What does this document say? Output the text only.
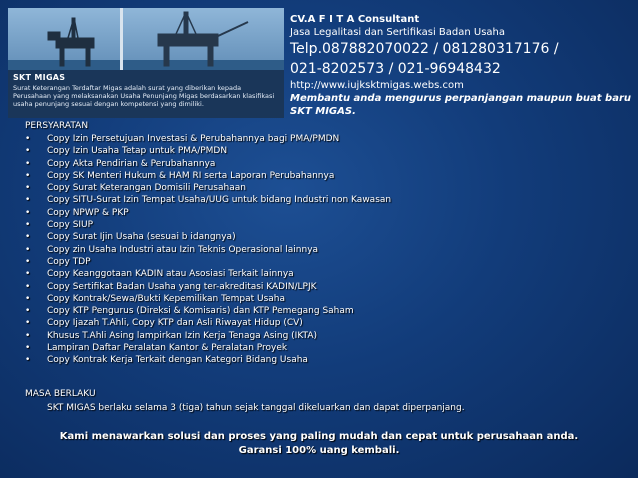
SKT MIGAS
Surat Keterangan Terdaftar Migas adalah surat yang diberikan kepada Perusahaan yang melaksanakan Usaha Penunjang Migas berdasarkan klasifikasi usaha penunjang sesuai dengan kompetensi yang dimiliki.
CV.A F I T A Consultant
Jasa Legalitasi dan Sertifikasi Badan Usaha
Telp.087882070022 / 081280317176 /
021-8202573 / 021-96948432
http://www.iujksktmigas.webs.com
Membantu anda mengurus perpanjangan maupun buat baru SKT MIGAS.
PERSYARATAN
• Copy Izin Persetujuan Investasi & Perubahannya bagi PMA/PMDN
• Copy Izin Usaha Tetap untuk PMA/PMDN
• Copy Akta Pendirian & Perubahannya
• Copy SK Menteri Hukum & HAM RI serta Laporan Perubahannya
• Copy Surat Keterangan Domisili Perusahaan
• Copy SITU-Surat Izin Tempat Usaha/UUG untuk bidang Industri non Kawasan
• Copy NPWP & PKP
• Copy SIUP
• Copy Surat Ijin Usaha (sesuai b idangnya)
• Copy zin Usaha Industri atau Izin Teknis Operasional lainnya
• Copy TDP
• Copy Keanggotaan KADIN atau Asosiasi Terkait lainnya
• Copy Sertifikat Badan Usaha yang ter-akreditasi KADIN/LPJK
• Copy Kontrak/Sewa/Bukti Kepemilikan Tempat Usaha
• Copy KTP Pengurus (Direksi & Komisaris) dan KTP Pemegang Saham
• Copy Ijazah T.Ahli, Copy KTP dan Asli Riwayat Hidup (CV)
• Khusus T.Ahli Asing lampirkan Izin Kerja Tenaga Asing (IKTA)
• Lampiran Daftar Peralatan Kantor & Peralatan Proyek
• Copy Kontrak Kerja Terkait dengan Kategori Bidang Usaha
MASA BERLAKU
SKT MIGAS berlaku selama 3 (tiga) tahun sejak tanggal dikeluarkan dan dapat diperpanjang.
Kami menawarkan solusi dan proses yang paling mudah dan cepat untuk perusahaan anda.
Garansi 100% uang kembali.
